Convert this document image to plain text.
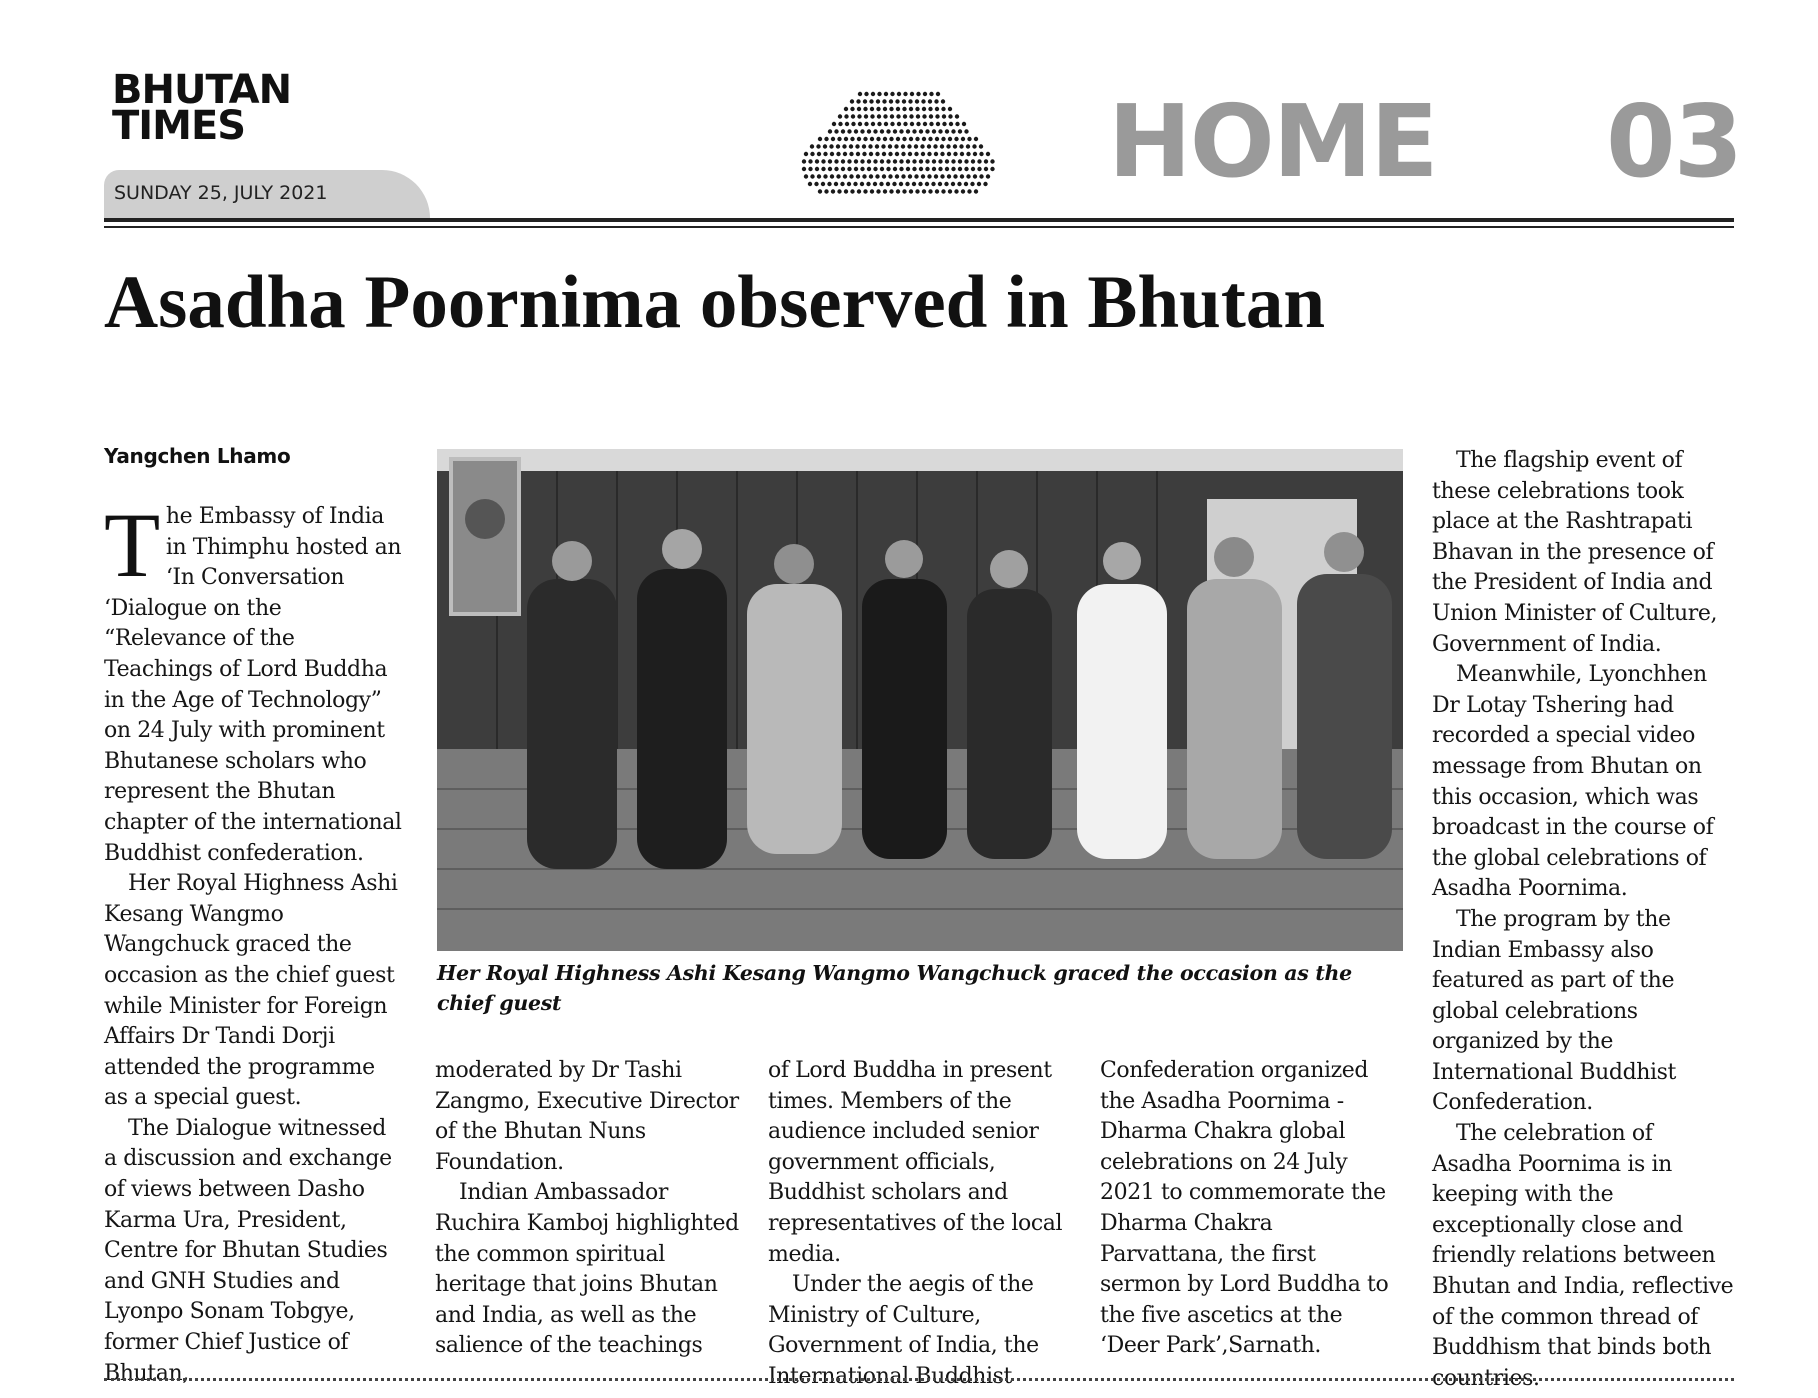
BHUTAN
TIMES
SUNDAY 25, JULY 2021	HOME 03
Asadha Poornima observed in Bhutan
Yangchen Lhamo

The Embassy of India in Thimphu hosted an ‘In Conversation ‘Dialogue on the “Relevance of the Teachings of Lord Buddha in the Age of Technology” on 24 July with prominent Bhutanese scholars who represent the Bhutan chapter of the international Buddhist confederation.

Her Royal Highness Ashi Kesang Wangmo Wangchuck graced the occasion as the chief guest while Minister for Foreign Affairs Dr Tandi Dorji attended the programme as a special guest.

The Dialogue witnessed a discussion and exchange of views between Dasho Karma Ura, President, Centre for Bhutan Studies and GNH Studies and Lyonpo Sonam Tobgye, former Chief Justice of Bhutan,

Her Royal Highness Ashi Kesang Wangmo Wangchuck graced the occasion as the chief guest

moderated by Dr Tashi Zangmo, Executive Director of the Bhutan Nuns Foundation.

Indian Ambassador Ruchira Kamboj highlighted the common spiritual heritage that joins Bhutan and India, as well as the salience of the teachings

of Lord Buddha in present times. Members of the audience included senior government officials, Buddhist scholars and representatives of the local media.

Under the aegis of the Ministry of Culture, Government of India, the International Buddhist

Confederation organized the Asadha Poornima - Dharma Chakra global celebrations on 24 July 2021 to commemorate the Dharma Chakra Parvattana, the first sermon by Lord Buddha to the five ascetics at the ‘Deer Park’,Sarnath.

The flagship event of these celebrations took place at the Rashtrapati Bhavan in the presence of the President of India and Union Minister of Culture, Government of India.

Meanwhile, Lyonchhen Dr Lotay Tshering had recorded a special video message from Bhutan on this occasion, which was broadcast in the course of the global celebrations of Asadha Poornima.

The program by the Indian Embassy also featured as part of the global celebrations organized by the International Buddhist Confederation.

The celebration of Asadha Poornima is in keeping with the exceptionally close and friendly relations between Bhutan and India, reflective of the common thread of Buddhism that binds both countries.
